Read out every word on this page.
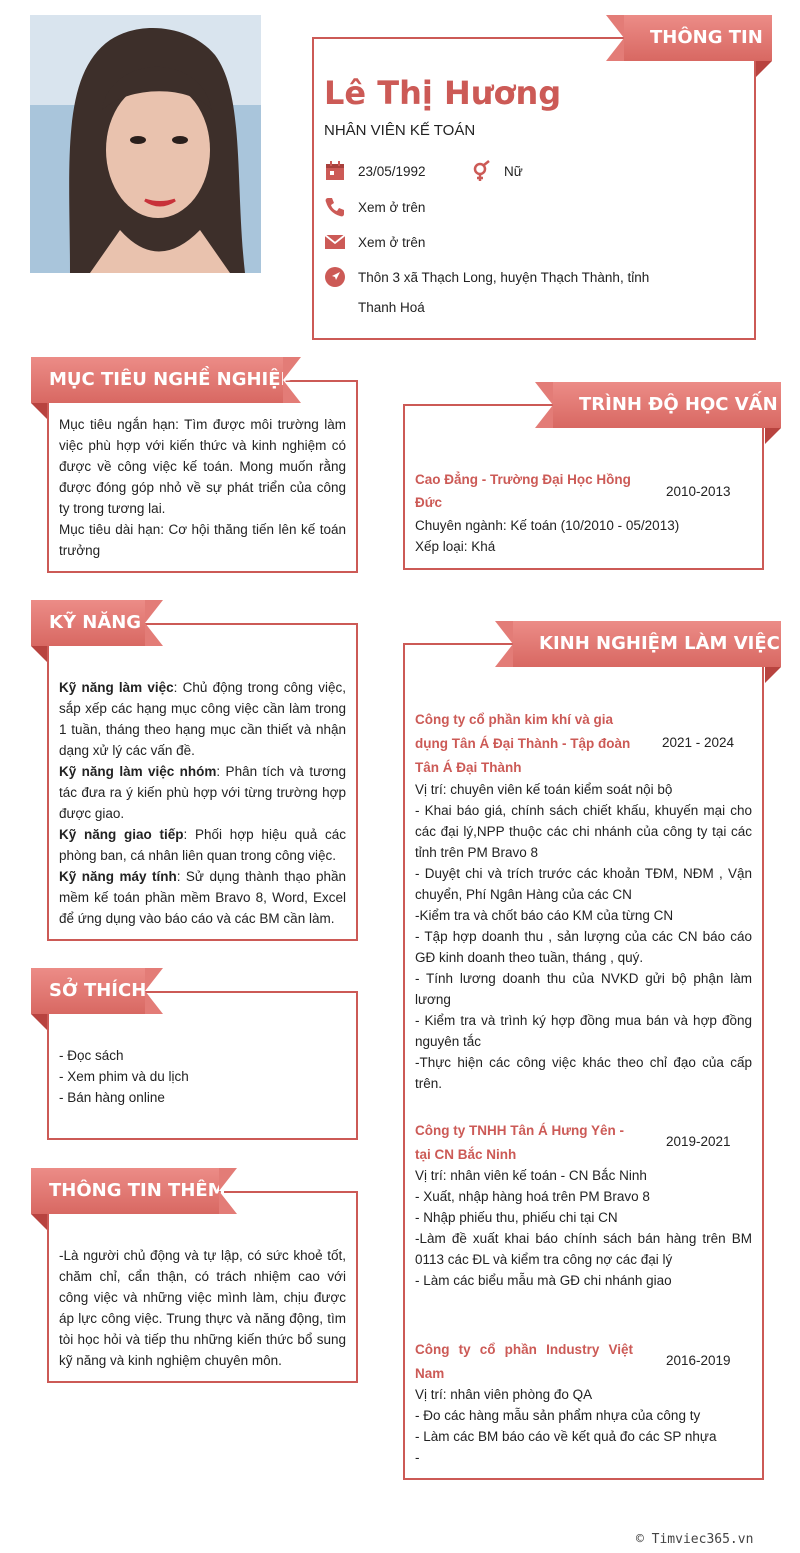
THÔNG TIN
Lê Thị Hương
NHÂN VIÊN KẾ TOÁN
23/05/1992	Nữ
Xem ở trên
Xem ở trên
Thôn 3 xã Thạch Long, huyện Thạch Thành, tỉnh
Thanh Hoá
MỤC TIÊU NGHỀ NGHIỆP
Mục tiêu ngắn hạn: Tìm được môi trường làm việc phù hợp với kiến thức và kinh nghiệm có được về công việc kế toán. Mong muốn rằng được đóng góp nhỏ về sự phát triển của công ty trong tương lai.
Mục tiêu dài hạn: Cơ hội thăng tiến lên kế toán trưởng
TRÌNH ĐỘ HỌC VẤN
Cao Đẳng - Trường Đại Học Hồng
Đức
2010-2013
Chuyên ngành: Kế toán (10/2010 - 05/2013)
Xếp loại: Khá
KỸ NĂNG
Kỹ năng làm việc: Chủ động trong công việc, sắp xếp các hạng mục công việc cần làm trong 1 tuần, tháng theo hạng mục cần thiết và nhận dạng xử lý các vấn đề.
Kỹ năng làm việc nhóm: Phân tích và tương tác đưa ra ý kiến phù hợp với từng trường hợp được giao.
Kỹ năng giao tiếp: Phối hợp hiệu quả các phòng ban, cá nhân liên quan trong công việc.
Kỹ năng máy tính: Sử dụng thành thạo phần mềm kế toán phần mềm Bravo 8, Word, Excel để ứng dụng vào báo cáo và các BM cần làm.
SỞ THÍCH
- Đọc sách
- Xem phim và du lịch
- Bán hàng online
THÔNG TIN THÊM
-Là người chủ động và tự lập, có sức khoẻ tốt, chăm chỉ, cẩn thận, có trách nhiệm cao với công việc và những việc mình làm, chịu được áp lực công việc. Trung thực và năng động, tìm tòi học hỏi và tiếp thu những kiến thức bổ sung kỹ năng và kinh nghiệm chuyên môn.
KINH NGHIỆM LÀM VIỆC
Công ty cổ phần kim khí và gia
dụng Tân Á Đại Thành - Tập đoàn
Tân Á Đại Thành
2021 - 2024
Vị trí: chuyên viên kế toán kiểm soát nội bộ
- Khai báo giá, chính sách chiết khấu, khuyến mại cho các đại lý,NPP thuộc các chi nhánh của công ty tại các tỉnh trên PM Bravo 8
- Duyệt chi và trích trước các khoản TĐM, NĐM , Vận chuyển, Phí Ngân Hàng của các CN
-Kiểm tra và chốt báo cáo KM của từng CN
- Tập hợp doanh thu , sản lượng của các CN báo cáo GĐ kinh doanh theo tuần, tháng , quý.
- Tính lương doanh thu của NVKD gửi bộ phận làm lương
- Kiểm tra và trình ký hợp đồng mua bán và hợp đồng nguyên tắc
-Thực hiện các công việc khác theo chỉ đạo của cấp trên.
Công ty TNHH Tân Á Hưng Yên -
tại CN Bắc Ninh
2019-2021
Vị trí: nhân viên kế toán - CN Bắc Ninh
- Xuất, nhập hàng hoá trên PM Bravo 8
- Nhập phiếu thu, phiếu chi tại CN
-Làm đề xuất khai báo chính sách bán hàng trên BM 0113 các ĐL và kiểm tra công nợ các đại lý
- Làm các biểu mẫu mà GĐ chi nhánh giao
Công ty cổ phần Industry Việt
Nam
2016-2019
Vị trí: nhân viên phòng đo QA
- Đo các hàng mẫu sản phẩm nhựa của công ty
- Làm các BM báo cáo về kết quả đo các SP nhựa
-
© Timviec365.vn
